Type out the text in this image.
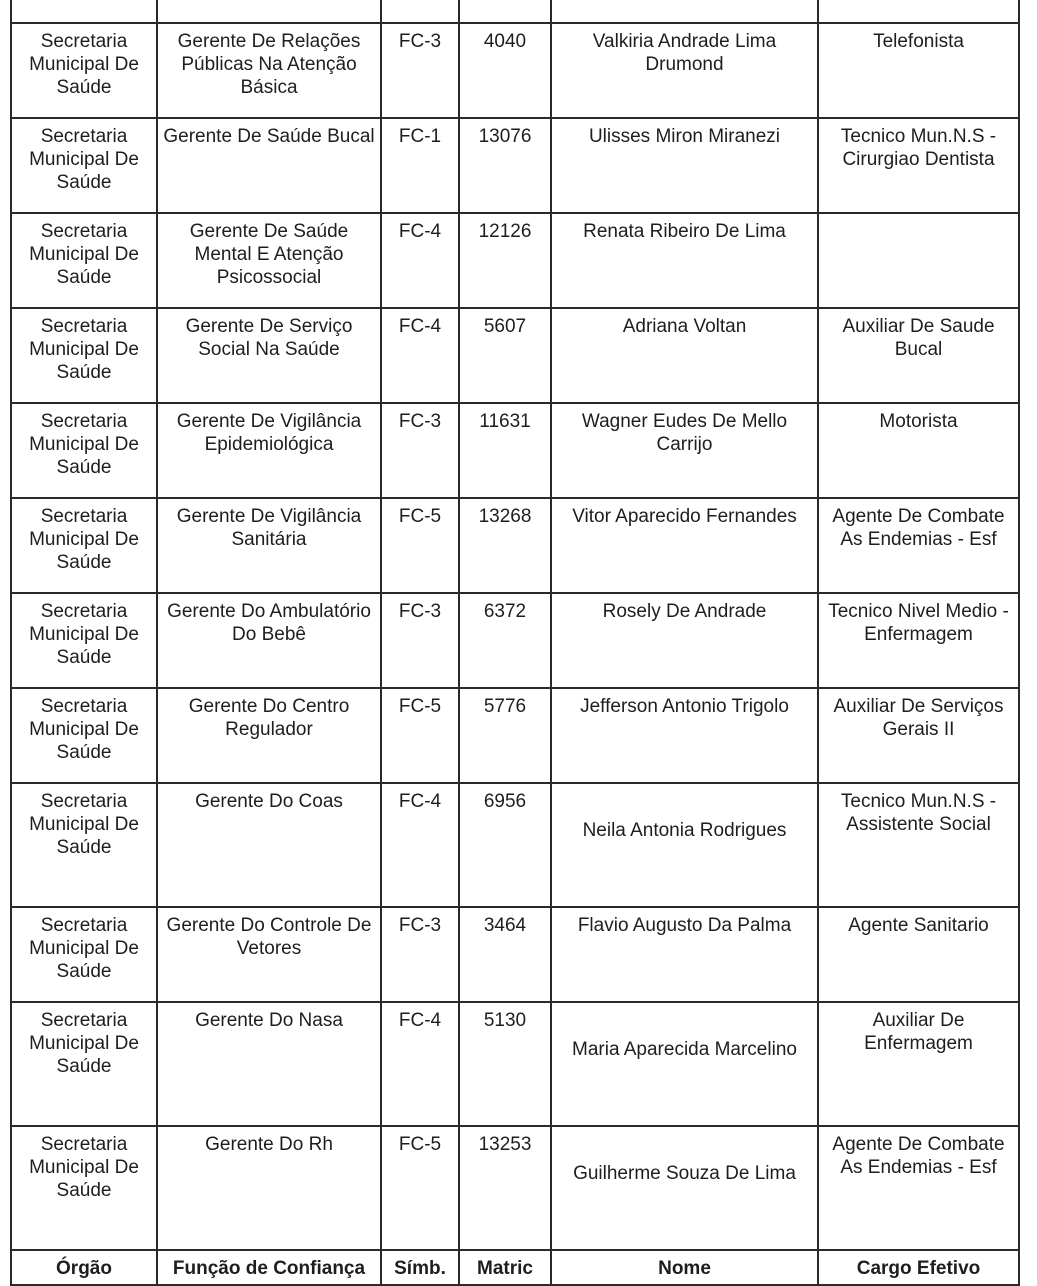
Secretaria Municipal De Saúde	Gerente De Relações Públicas Na Atenção Básica	FC-3	4040	Valkiria Andrade Lima Drumond	Telefonista
Secretaria Municipal De Saúde	Gerente De Saúde Bucal	FC-1	13076	Ulisses Miron Miranezi	Tecnico Mun.N.S - Cirurgiao Dentista
Secretaria Municipal De Saúde	Gerente De Saúde Mental E Atenção Psicossocial	FC-4	12126	Renata Ribeiro De Lima	
Secretaria Municipal De Saúde	Gerente De Serviço Social Na Saúde	FC-4	5607	Adriana Voltan	Auxiliar De Saude Bucal
Secretaria Municipal De Saúde	Gerente De Vigilância Epidemiológica	FC-3	11631	Wagner Eudes De Mello Carrijo	Motorista
Secretaria Municipal De Saúde	Gerente De Vigilância Sanitária	FC-5	13268	Vitor Aparecido Fernandes	Agente De Combate As Endemias - Esf
Secretaria Municipal De Saúde	Gerente Do Ambulatório Do Bebê	FC-3	6372	Rosely De Andrade	Tecnico Nivel Medio - Enfermagem
Secretaria Municipal De Saúde	Gerente Do Centro Regulador	FC-5	5776	Jefferson Antonio Trigolo	Auxiliar De Serviços Gerais II
Secretaria Municipal De Saúde	Gerente Do Coas	FC-4	6956	Neila Antonia Rodrigues	Tecnico Mun.N.S - Assistente Social
Secretaria Municipal De Saúde	Gerente Do Controle De Vetores	FC-3	3464	Flavio Augusto Da Palma	Agente Sanitario
Secretaria Municipal De Saúde	Gerente Do Nasa	FC-4	5130	Maria Aparecida Marcelino	Auxiliar De Enfermagem
Secretaria Municipal De Saúde	Gerente Do Rh	FC-5	13253	Guilherme Souza De Lima	Agente De Combate As Endemias - Esf
Órgão	Função de Confiança	Símb.	Matric	Nome	Cargo Efetivo
